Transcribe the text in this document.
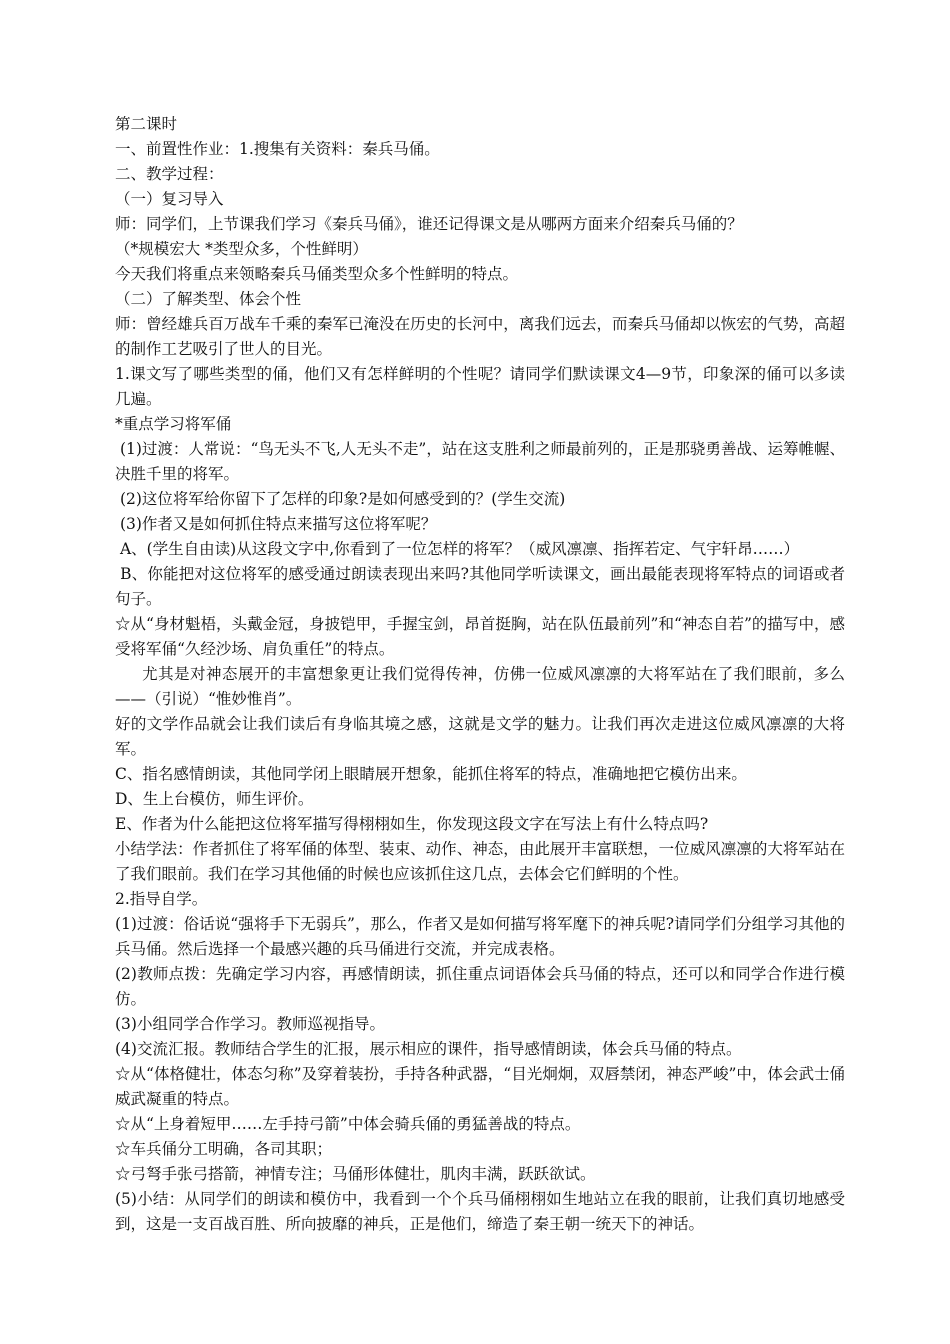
第二课时

一、前置性作业：1.搜集有关资料：秦兵马俑。

二、教学过程：

（一）复习导入

师：同学们，上节课我们学习《秦兵马俑》，谁还记得课文是从哪两方面来介绍秦兵马俑的？

（*规模宏大 *类型众多，个性鲜明）

今天我们将重点来领略秦兵马俑类型众多个性鲜明的特点。

（二）了解类型、体会个性

师：曾经雄兵百万战车千乘的秦军已淹没在历史的长河中，离我们远去，而秦兵马俑却以恢宏的气势，高超的制作工艺吸引了世人的目光。

1.课文写了哪些类型的俑，他们又有怎样鲜明的个性呢？请同学们默读课文4—9节，印象深的俑可以多读几遍。

*重点学习将军俑

(1)过渡：人常说：“鸟无头不飞,人无头不走”，站在这支胜利之师最前列的，正是那骁勇善战、运筹帷幄、决胜千里的将军。

(2)这位将军给你留下了怎样的印象?是如何感受到的？(学生交流)

(3)作者又是如何抓住特点来描写这位将军呢？

A、(学生自由读)从这段文字中,你看到了一位怎样的将军？（威风凛凛、指挥若定、气宇轩昂……）

B、你能把对这位将军的感受通过朗读表现出来吗?其他同学听读课文，画出最能表现将军特点的词语或者句子。

☆从“身材魁梧，头戴金冠，身披铠甲，手握宝剑，昂首挺胸，站在队伍最前列”和“神态自若”的描写中，感受将军俑“久经沙场、肩负重任”的特点。

尤其是对神态展开的丰富想象更让我们觉得传神，仿佛一位威风凛凛的大将军站在了我们眼前，多么——（引说）“惟妙惟肖”。

好的文学作品就会让我们读后有身临其境之感，这就是文学的魅力。让我们再次走进这位威风凛凛的大将军。

C、指名感情朗读，其他同学闭上眼睛展开想象，能抓住将军的特点，准确地把它模仿出来。

D、生上台模仿，师生评价。

E、作者为什么能把这位将军描写得栩栩如生，你发现这段文字在写法上有什么特点吗?

小结学法：作者抓住了将军俑的体型、装束、动作、神态，由此展开丰富联想，一位威风凛凛的大将军站在了我们眼前。我们在学习其他俑的时候也应该抓住这几点，去体会它们鲜明的个性。

2.指导自学。

(1)过渡：俗话说“强将手下无弱兵”，那么，作者又是如何描写将军麾下的神兵呢?请同学们分组学习其他的兵马俑。然后选择一个最感兴趣的兵马俑进行交流，并完成表格。

(2)教师点拨：先确定学习内容，再感情朗读，抓住重点词语体会兵马俑的特点，还可以和同学合作进行模仿。

(3)小组同学合作学习。教师巡视指导。

(4)交流汇报。教师结合学生的汇报，展示相应的课件，指导感情朗读，体会兵马俑的特点。

☆从“体格健壮，体态匀称”及穿着装扮，手持各种武器，“目光炯炯，双唇禁闭，神态严峻”中，体会武士俑威武凝重的特点。

☆从“上身着短甲……左手持弓箭”中体会骑兵俑的勇猛善战的特点。

☆车兵俑分工明确，各司其职；

☆弓弩手张弓搭箭，神情专注；马俑形体健壮，肌肉丰满，跃跃欲试。

(5)小结：从同学们的朗读和模仿中，我看到一个个兵马俑栩栩如生地站立在我的眼前，让我们真切地感受到，这是一支百战百胜、所向披靡的神兵，正是他们，缔造了秦王朝一统天下的神话。
